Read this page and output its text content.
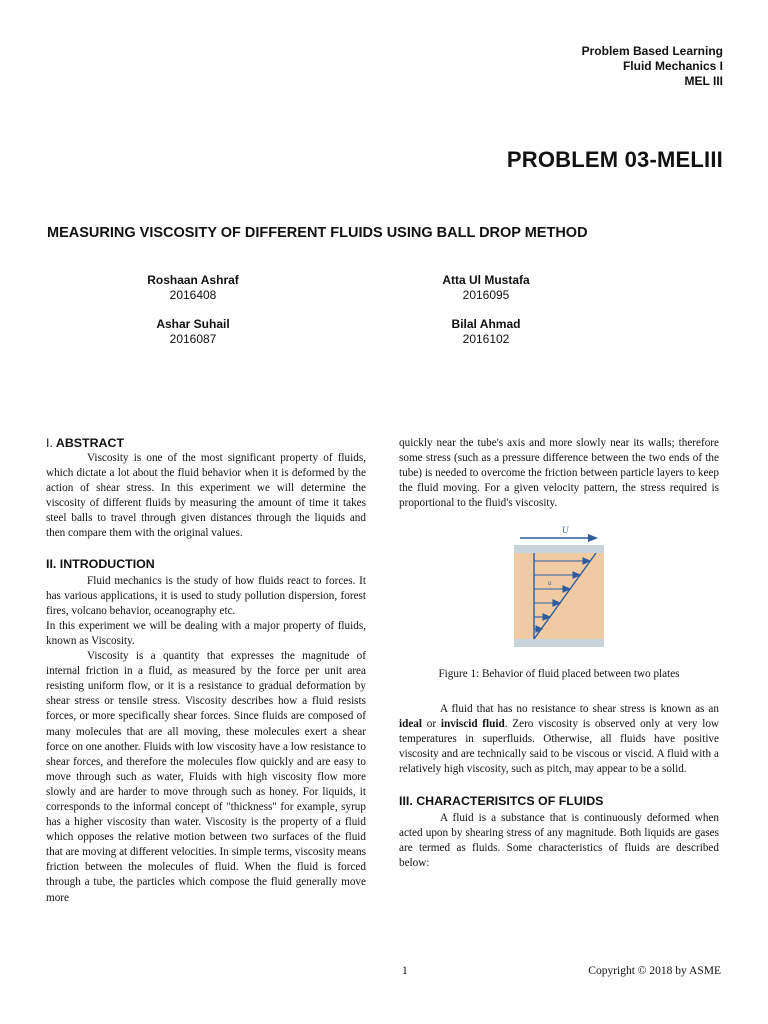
Problem Based Learning
Fluid Mechanics I
MEL III
PROBLEM 03-MELIII
MEASURING VISCOSITY OF DIFFERENT FLUIDS USING BALL DROP METHOD
Roshaan Ashraf
2016408
Atta Ul Mustafa
2016095
Ashar Suhail
2016087
Bilal Ahmad
2016102
I. ABSTRACT

Viscosity is one of the most significant property of fluids, which dictate a lot about the fluid behavior when it is deformed by the action of shear stress. In this experiment we will determine the viscosity of different fluids by measuring the amount of time it takes steel balls to travel through given distances through the liquids and then compare them with the original values.

II. INTRODUCTION

Fluid mechanics is the study of how fluids react to forces. It has various applications, it is used to study pollution dispersion, forest fires, volcano behavior, oceanography etc.

In this experiment we will be dealing with a major property of fluids, known as Viscosity.

Viscosity is a quantity that expresses the magnitude of internal friction in a fluid, as measured by the force per unit area resisting uniform flow, or it is a resistance to gradual deformation by shear stress or tensile stress. Viscosity describes how a fluid resists forces, or more specifically shear forces. Since fluids are composed of many molecules that are all moving, these molecules exert a shear force on one another. Fluids with low viscosity have a low resistance to shear forces, and therefore the molecules flow quickly and are easy to move through such as water, Fluids with high viscosity flow more slowly and are harder to move through such as honey. For liquids, it corresponds to the informal concept of "thickness" for example, syrup has a higher viscosity than water. Viscosity is the property of a fluid which opposes the relative motion between two surfaces of the fluid that are moving at different velocities. In simple terms, viscosity means friction between the molecules of fluid. When the fluid is forced through a tube, the particles which compose the fluid generally move more

quickly near the tube's axis and more slowly near its walls; therefore some stress (such as a pressure difference between the two ends of the tube) is needed to overcome the friction between particle layers to keep the fluid moving. For a given velocity pattern, the stress required is proportional to the fluid's viscosity.

U
u
Figure 1: Behavior of fluid placed between two plates

A fluid that has no resistance to shear stress is known as an ideal or inviscid fluid. Zero viscosity is observed only at very low temperatures in superfluids. Otherwise, all fluids have positive viscosity and are technically said to be viscous or viscid. A fluid with a relatively high viscosity, such as pitch, may appear to be a solid.

III. CHARACTERISITCS OF FLUIDS

A fluid is a substance that is continuously deformed when acted upon by shearing stress of any magnitude. Both liquids are gases are termed as fluids. Some characteristics of fluids are described below:

1	Copyright © 2018 by ASME
